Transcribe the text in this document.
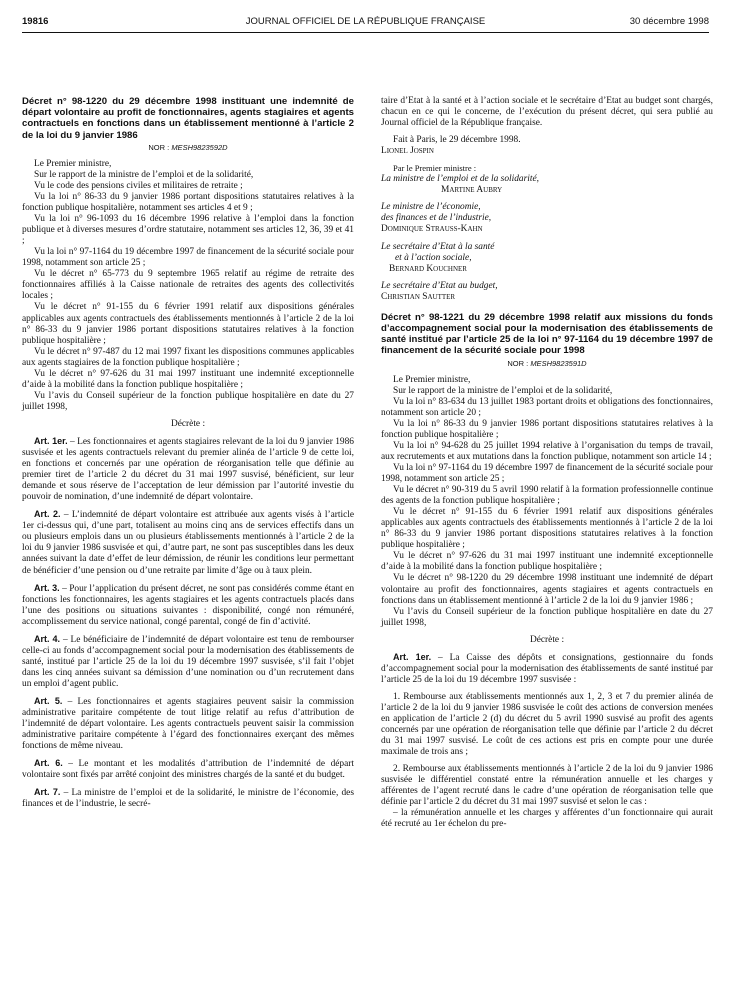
19816	JOURNAL OFFICIEL DE LA RÉPUBLIQUE FRANÇAISE	30 décembre 1998

Décret n° 98-1220 du 29 décembre 1998 instituant une indemnité de départ volontaire au profit de fonctionnaires, agents stagiaires et agents contractuels en fonctions dans un établissement mentionné à l’article 2 de la loi du 9 janvier 1986

NOR : MESH9823592D

Le Premier ministre,

Sur le rapport de la ministre de l’emploi et de la solidarité,

Vu le code des pensions civiles et militaires de retraite ;

Vu la loi n° 86-33 du 9 janvier 1986 portant dispositions statutaires relatives à la fonction publique hospitalière, notamment ses articles 4 et 9 ;

Vu la loi n° 96-1093 du 16 décembre 1996 relative à l’emploi dans la fonction publique et à diverses mesures d’ordre statutaire, notamment ses articles 12, 36, 39 et 41 ;

Vu la loi n° 97-1164 du 19 décembre 1997 de financement de la sécurité sociale pour 1998, notamment son article 25 ;

Vu le décret n° 65-773 du 9 septembre 1965 relatif au régime de retraite des fonctionnaires affiliés à la Caisse nationale de retraites des agents des collectivités locales ;

Vu le décret n° 91-155 du 6 février 1991 relatif aux dispositions générales applicables aux agents contractuels des établissements mentionnés à l’article 2 de la loi n° 86-33 du 9 janvier 1986 portant dispositions statutaires relatives à la fonction publique hospitalière ;

Vu le décret n° 97-487 du 12 mai 1997 fixant les dispositions communes applicables aux agents stagiaires de la fonction publique hospitalière ;

Vu le décret n° 97-626 du 31 mai 1997 instituant une indemnité exceptionnelle d’aide à la mobilité dans la fonction publique hospitalière ;

Vu l’avis du Conseil supérieur de la fonction publique hospitalière en date du 27 juillet 1998,

Décrète :

Art. 1er. – Les fonctionnaires et agents stagiaires relevant de la loi du 9 janvier 1986 susvisée et les agents contractuels relevant du premier alinéa de l’article 9 de cette loi, en fonctions et concernés par une opération de réorganisation telle que définie au premier tiret de l’article 2 du décret du 31 mai 1997 susvisé, bénéficient, sur leur demande et sous réserve de l’acceptation de leur démission par l’autorité investie du pouvoir de nomination, d’une indemnité de départ volontaire.

Art. 2. – L’indemnité de départ volontaire est attribuée aux agents visés à l’article 1er ci-dessus qui, d’une part, totalisent au moins cinq ans de services effectifs dans un ou plusieurs emplois dans un ou plusieurs établissements mentionnés à l’article 2 de la loi du 9 janvier 1986 susvisée et qui, d’autre part, ne sont pas susceptibles dans les deux années suivant la date d’effet de leur démission, de réunir les conditions leur permettant de bénéficier d’une pension ou d’une retraite par limite d’âge ou à taux plein.

Art. 3. – Pour l’application du présent décret, ne sont pas considérés comme étant en fonctions les fonctionnaires, les agents stagiaires et les agents contractuels placés dans l’une des positions ou situations suivantes : disponibilité, congé non rémunéré, accomplissement du service national, congé parental, congé de fin d’activité.

Art. 4. – Le bénéficiaire de l’indemnité de départ volontaire est tenu de rembourser celle-ci au fonds d’accompagnement social pour la modernisation des établissements de santé, institué par l’article 25 de la loi du 19 décembre 1997 susvisée, s’il fait l’objet dans les cinq années suivant sa démission d’une nomination ou d’un recrutement dans un emploi d’agent public.

Art. 5. – Les fonctionnaires et agents stagiaires peuvent saisir la commission administrative paritaire compétente de tout litige relatif au refus d’attribution de l’indemnité de départ volontaire. Les agents contractuels peuvent saisir la commission administrative paritaire compétente à l’égard des fonctionnaires exerçant des mêmes fonctions de même niveau.

Art. 6. – Le montant et les modalités d’attribution de l’indemnité de départ volontaire sont fixés par arrêté conjoint des ministres chargés de la santé et du budget.

Art. 7. – La ministre de l’emploi et de la solidarité, le ministre de l’économie, des finances et de l’industrie, le secré-

taire d’Etat à la santé et à l’action sociale et le secrétaire d’Etat au budget sont chargés, chacun en ce qui le concerne, de l’exécution du présent décret, qui sera publié au Journal officiel de la République française.

Fait à Paris, le 29 décembre 1998.

Lionel Jospin

Par le Premier ministre :

La ministre de l’emploi et de la solidarité,

Martine Aubry

Le ministre de l’économie,

des finances et de l’industrie,

Dominique Strauss-Kahn

Le secrétaire d’Etat à la santé

et à l’action sociale,

Bernard Kouchner

Le secrétaire d’Etat au budget,

Christian Sautter

Décret n° 98-1221 du 29 décembre 1998 relatif aux missions du fonds d’accompagnement social pour la modernisation des établissements de santé institué par l’article 25 de la loi n° 97-1164 du 19 décembre 1997 de financement de la sécurité sociale pour 1998

NOR : MESH9823591D

Le Premier ministre,

Sur le rapport de la ministre de l’emploi et de la solidarité,

Vu la loi n° 83-634 du 13 juillet 1983 portant droits et obligations des fonctionnaires, notamment son article 20 ;

Vu la loi n° 86-33 du 9 janvier 1986 portant dispositions statutaires relatives à la fonction publique hospitalière ;

Vu la loi n° 94-628 du 25 juillet 1994 relative à l’organisation du temps de travail, aux recrutements et aux mutations dans la fonction publique, notamment son article 14 ;

Vu la loi n° 97-1164 du 19 décembre 1997 de financement de la sécurité sociale pour 1998, notamment son article 25 ;

Vu le décret n° 90-319 du 5 avril 1990 relatif à la formation professionnelle continue des agents de la fonction publique hospitalière ;

Vu le décret n° 91-155 du 6 février 1991 relatif aux dispositions générales applicables aux agents contractuels des établissements mentionnés à l’article 2 de la loi n° 86-33 du 9 janvier 1986 portant dispositions statutaires relatives à la fonction publique hospitalière ;

Vu le décret n° 97-626 du 31 mai 1997 instituant une indemnité exceptionnelle d’aide à la mobilité dans la fonction publique hospitalière ;

Vu le décret n° 98-1220 du 29 décembre 1998 instituant une indemnité de départ volontaire au profit des fonctionnaires, agents stagiaires et agents contractuels en fonctions dans un établissement mentionné à l’article 2 de la loi du 9 janvier 1986 ;

Vu l’avis du Conseil supérieur de la fonction publique hospitalière en date du 27 juillet 1998,

Décrète :

Art. 1er. – La Caisse des dépôts et consignations, gestionnaire du fonds d’accompagnement social pour la modernisation des établissements de santé institué par l’article 25 de la loi du 19 décembre 1997 susvisée :

1. Rembourse aux établissements mentionnés aux 1, 2, 3 et 7 du premier alinéa de l’article 2 de la loi du 9 janvier 1986 susvisée le coût des actions de conversion menées en application de l’article 2 (d) du décret du 5 avril 1990 susvisé au profit des agents concernés par une opération de réorganisation telle que définie par l’article 2 du décret du 31 mai 1997 susvisé. Le coût de ces actions est pris en compte pour une durée maximale de trois ans ;

2. Rembourse aux établissements mentionnés à l’article 2 de la loi du 9 janvier 1986 susvisée le différentiel constaté entre la rémunération annuelle et les charges y afférentes de l’agent recruté dans le cadre d’une opération de réorganisation telle que définie par l’article 2 du décret du 31 mai 1997 susvisé et selon le cas :

– la rémunération annuelle et les charges y afférentes d’un fonctionnaire qui aurait été recruté au 1er échelon du pre-
